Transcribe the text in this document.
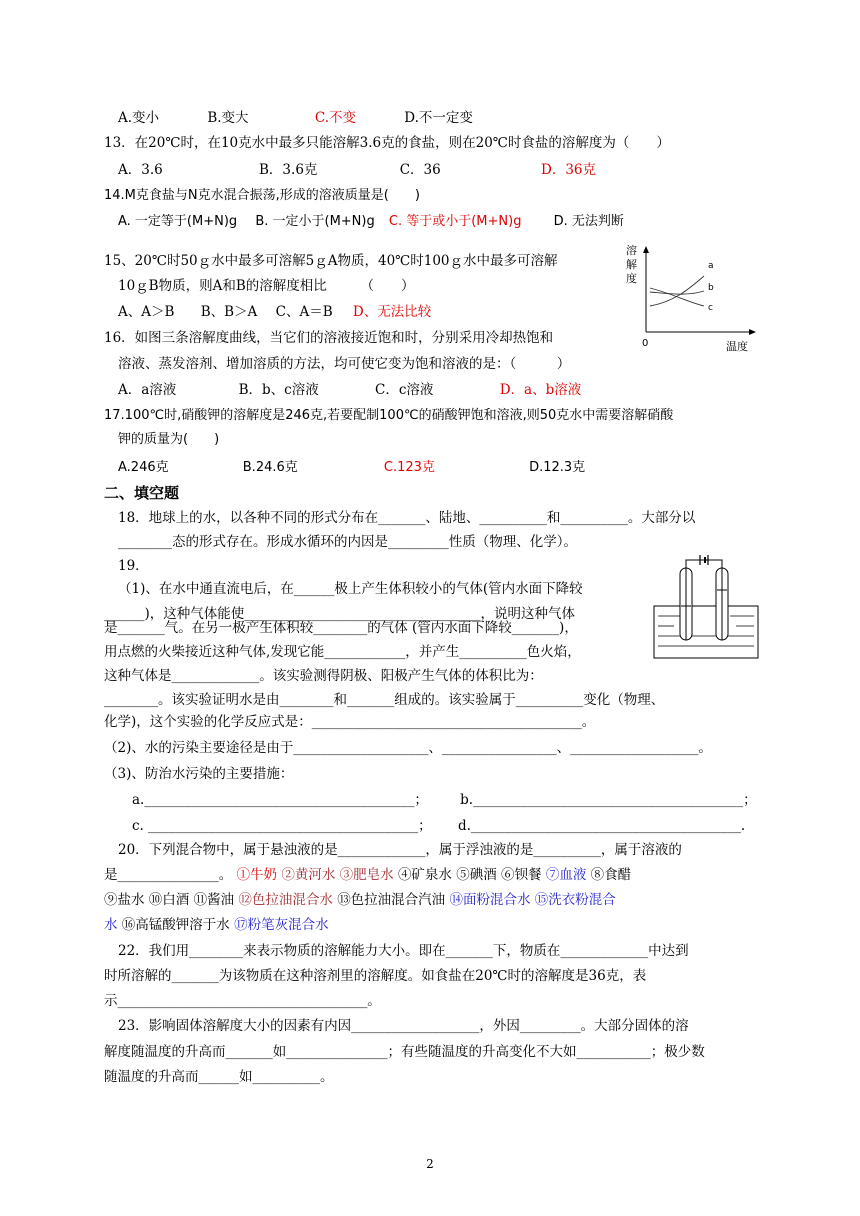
A.变小	B.变大	C.不变	D.不一定变
13．在20℃时，在10克水中最多只能溶解3.6克的食盐，则在20℃时食盐的溶解度为（　　）
A．3.6	B．3.6克	C．36	D．36克
14.M克食盐与N克水混合振荡,形成的溶液质量是(　　)
A. 一定等于(M+N)g B. 一定小于(M+N)g C. 等于或小于(M+N)g D. 无法判断
15、20℃时50ｇ水中最多可溶解5ｇA物质，40℃时100ｇ水中最多可溶解
10ｇB物质，则A和B的溶解度相比　　　（　　）
A、A＞B B、B＞A C、A＝B D、无法比较
16．如图三条溶解度曲线，当它们的溶液接近饱和时，分别采用冷却热饱和
溶液、蒸发溶剂、增加溶质的方法，均可使它变为饱和溶液的是：（　　　）
A．a溶液	B．b、c溶液	C．c溶液	D．a、b溶液
溶
解
度
0	温度
a
b
c
17.100℃时,硝酸钾的溶解度是246克,若要配制100℃的硝酸钾饱和溶液,则50克水中需要溶解硝酸
钾的质量为(　　)
A.246克	B.24.6克	C.123克	D.12.3克
二、填空题
18．地球上的水，以各种不同的形式分布在_______、陆地、__________和__________。大部分以
________态的形式存在。形成水循环的内因是_________性质（物理、化学）。
19．
（1)、在水中通直流电后，在______极上产生体积较小的气体(管内水面下降较
______)，这种气体能使___________________________________，说明这种气体
是_______气。在另一极产生体积较________的气体 (管内水面下降较_______)，
用点燃的火柴接近这种气体,发现它能____________，并产生__________色火焰，
这种气体是_____________。该实验测得阴极、阳极产生气体的体积比为：
________。该实验证明水是由________和_______组成的。该实验属于__________变化（物理、
化学)，这个实验的化学反应式是：________________________________________。
（2)、水的污染主要途径是由于____________________、_________________、___________________。
（3)、防治水污染的主要措施：
a.________________________________________； b.________________________________________；
c. ________________________________________； d.________________________________________.
20．下列混合物中，属于悬浊液的是_____________，属于浮浊液的是__________，属于溶液的
是_______________。 ①牛奶 ②黄河水 ③肥皂水 ④矿泉水 ⑤碘酒 ⑥钡餐 ⑦血液 ⑧食醋
⑨盐水 ⑩白酒 ⑪酱油 ⑫色拉油混合水 ⑬色拉油混合汽油 ⑭面粉混合水 ⑮洗衣粉混合
水 ⑯高锰酸钾溶于水 ⑰粉笔灰混合水
22．我们用________来表示物质的溶解能力大小。即在_______下，物质在_____________中达到
时所溶解的_______为该物质在这种溶剂里的溶解度。如食盐在20℃时的溶解度是36克，表
示_____________________________________。
23．影响固体溶解度大小的因素有内因___________________，外因_________。大部分固体的溶
解度随温度的升高而_______如_______________；有些随温度的升高变化不大如___________；极少数
随温度的升高而______如__________。
2
